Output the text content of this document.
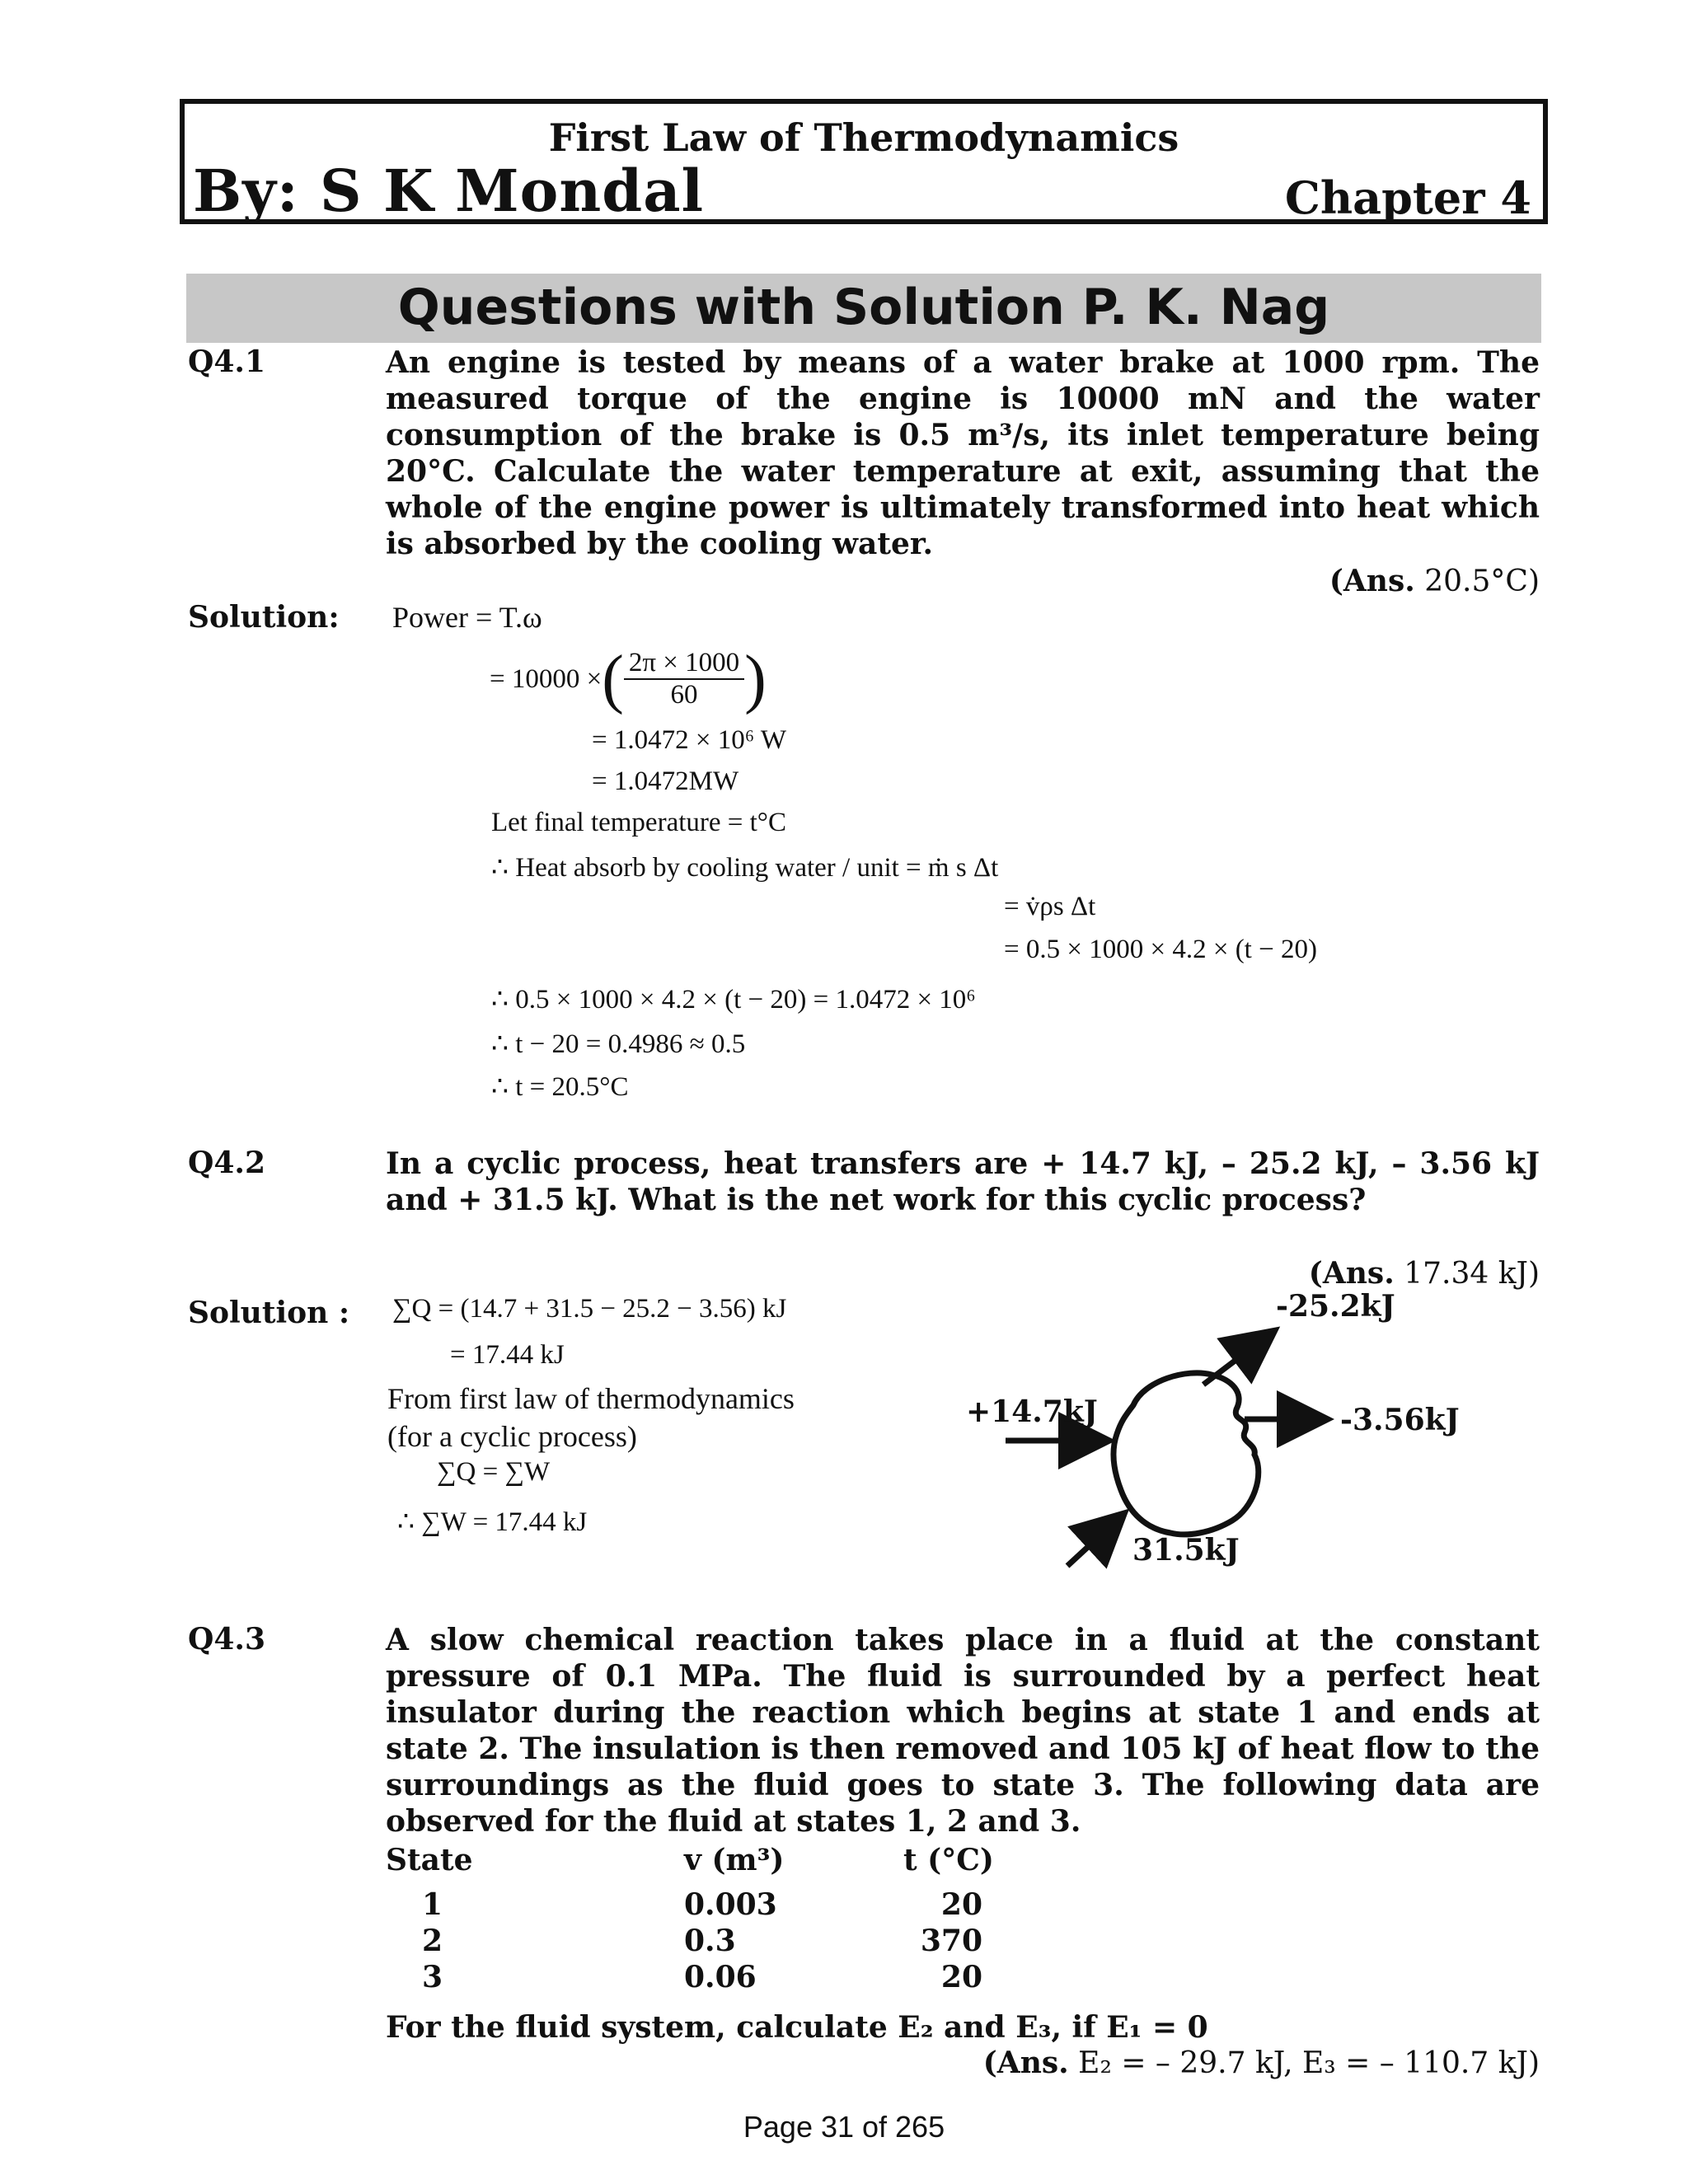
First Law of Thermodynamics
By: S K Mondal	Chapter 4
Questions with Solution P. K. Nag
Q4.1	An engine is tested by means of a water brake at 1000 rpm. The measured torque of the engine is 10000 mN and the water consumption of the brake is 0.5 m³/s, its inlet temperature being 20°C. Calculate the water temperature at exit, assuming that the whole of the engine power is ultimately transformed into heat which is absorbed by the cooling water.
(Ans. 20.5°C)
Solution: Power = T.ω
= 10000 × ( $\frac{2\pi \times 1000}{60}$ )
= 1.0472 × 10⁶ W
= 1.0472MW
Let final temperature = t°C
∴ Heat absorb by cooling water / unit = ṁ s Δt
= v̇ρs Δt
= 0.5 × 1000 × 4.2 × (t − 20)
∴ 0.5 × 1000 × 4.2 × (t − 20) = 1.0472 × 10⁶
∴ t − 20 = 0.4986 ≈ 0.5
∴ t = 20.5°C
Q4.2	In a cyclic process, heat transfers are + 14.7 kJ, – 25.2 kJ, – 3.56 kJ and + 31.5 kJ. What is the net work for this cyclic process?
(Ans. 17.34 kJ)
Solution : ∑Q = (14.7 + 31.5 − 25.2 − 3.56) kJ
= 17.44 kJ
From first law of thermodynamics
(for a cyclic process)
∑Q = ∑W
∴ ∑W = 17.44 kJ
+14.7kJ
-25.2kJ
-3.56kJ
31.5kJ
Q4.3	A slow chemical reaction takes place in a fluid at the constant pressure of 0.1 MPa. The fluid is surrounded by a perfect heat insulator during the reaction which begins at state 1 and ends at state 2. The insulation is then removed and 105 kJ of heat flow to the surroundings as the fluid goes to state 3. The following data are observed for the fluid at states 1, 2 and 3.
State	v (m³)	t (°C)
1	0.003	20
2	0.3	370
3	0.06	20
For the fluid system, calculate E₂ and E₃, if E₁ = 0
(Ans. E₂ = – 29.7 kJ, E₃ = – 110.7 kJ)
Page 31 of 265
